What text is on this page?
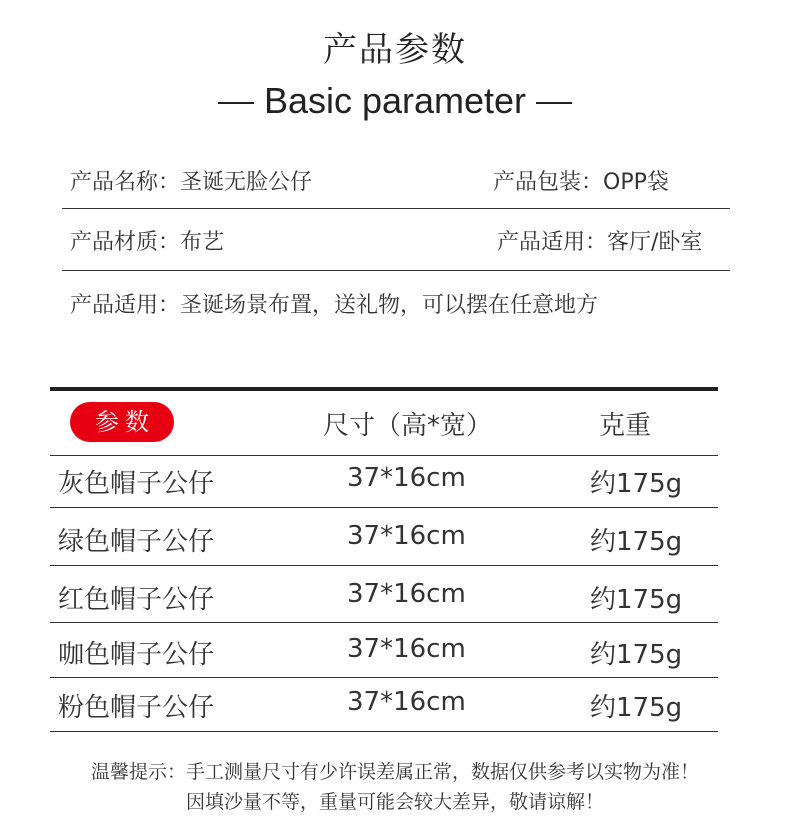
产品参数
Basic parameter
产品名称：圣诞无脸公仔	产品包装：OPP袋
产品材质：布艺	产品适用：客厅/卧室
产品适用：圣诞场景布置，送礼物，可以摆在任意地方
参数	尺寸（高*宽）	克重
灰色帽子公仔	37*16cm	约175g
绿色帽子公仔	37*16cm	约175g
红色帽子公仔	37*16cm	约175g
咖色帽子公仔	37*16cm	约175g
粉色帽子公仔	37*16cm	约175g
温馨提示：手工测量尺寸有少许误差属正常，数据仅供参考以实物为准！
因填沙量不等，重量可能会较大差异，敬请谅解！
